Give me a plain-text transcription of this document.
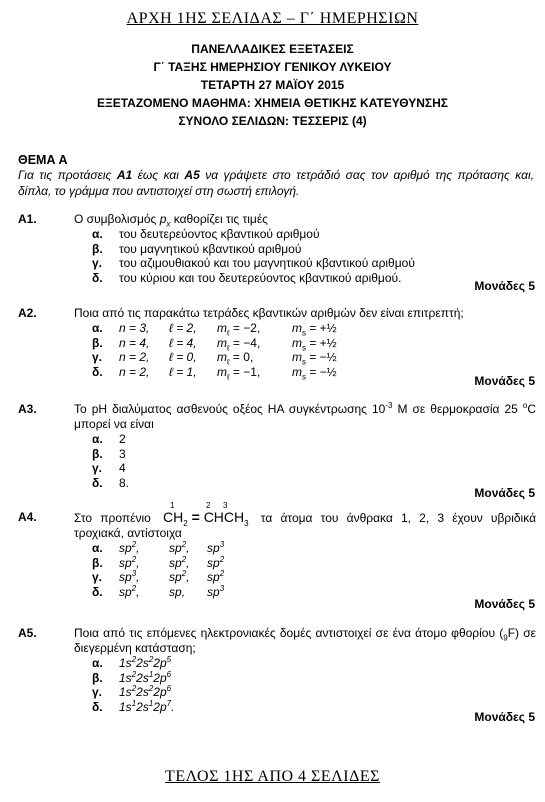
ΑΡΧΗ 1ΗΣ ΣΕΛΙΔΑΣ – Γ΄ ΗΜΕΡΗΣΙΩΝ
ΠΑΝΕΛΛΑΔΙΚΕΣ ΕΞΕΤΑΣΕΙΣ
Γ΄ ΤΑΞΗΣ ΗΜΕΡΗΣΙΟΥ ΓΕΝΙΚΟΥ ΛΥΚΕΙΟΥ
ΤΕΤΑΡΤΗ 27 ΜΑΪΟΥ 2015
ΕΞΕΤΑΖΟΜΕΝΟ ΜΑΘΗΜΑ: ΧΗΜΕΙΑ ΘΕΤΙΚΗΣ ΚΑΤΕΥΘΥΝΣΗΣ
ΣΥΝΟΛΟ ΣΕΛΙΔΩΝ: ΤΕΣΣΕΡΙΣ (4)
ΘΕΜΑ Α
Για τις προτάσεις Α1 έως και Α5 να γράψετε στο τετράδιό σας τον αριθμό της πρότασης και, δίπλα, το γράμμα που αντιστοιχεί στη σωστή επιλογή.
Α1.	Ο συμβολισμός $p_x$ καθορίζει τις τιμές
α. του δευτερεύοντος κβαντικού αριθμού
β. του μαγνητικού κβαντικού αριθμού
γ. του αζιμουθιακού και του μαγνητικού κβαντικού αριθμού
δ. του κύριου και του δευτερεύοντος κβαντικού αριθμού.
Μονάδες 5
Α2.	Ποια από τις παρακάτω τετράδες κβαντικών αριθμών δεν είναι επιτρεπτή;
α. n = 3, ℓ = 2, $m_\ell = -2$,	$m_s$ = +½
β. n = 4, ℓ = 4, $m_\ell = -4$,	$m_s$ = +½
γ. n = 2, ℓ = 0, $m_\ell = 0$,	$m_s$ = −½
δ. n = 2, ℓ = 1, $m_\ell = -1$,	$m_s$ = −½
Μονάδες 5
Α3.	Το pH διαλύματος ασθενούς οξέος ΗΑ συγκέντρωσης $10^{-3}$ M σε θερμοκρασία 25 $^o$C μπορεί να είναι
α. 2
β. 3
γ. 4
δ. 8.
Μονάδες 5
Α4.	Στο προπένιο
1	2 3
$CH_2$ = $CHCH_3$ τα άτομα του άνθρακα 1, 2, 3 έχουν υβριδικά τροχιακά, αντίστοιχα
α. $sp^2$, $sp^2$, $sp^3$
β. $sp^2$, $sp^2$, $sp^2$
γ. $sp^3$, $sp^2$, $sp^2$
δ. $sp^2$, sp, $sp^3$
Μονάδες 5
Α5.	Ποια από τις επόμενες ηλεκτρονιακές δομές αντιστοιχεί σε ένα άτομο φθορίου $(_9F)$ σε διεγερμένη κατάσταση;
α. $1s^22s^22p^5$
β. $1s^22s^12p^6$
γ. $1s^22s^22p^6$
δ. $1s^12s^12p^7$.
Μονάδες 5
ΤΕΛΟΣ 1ΗΣ ΑΠΟ 4 ΣΕΛΙΔΕΣ
